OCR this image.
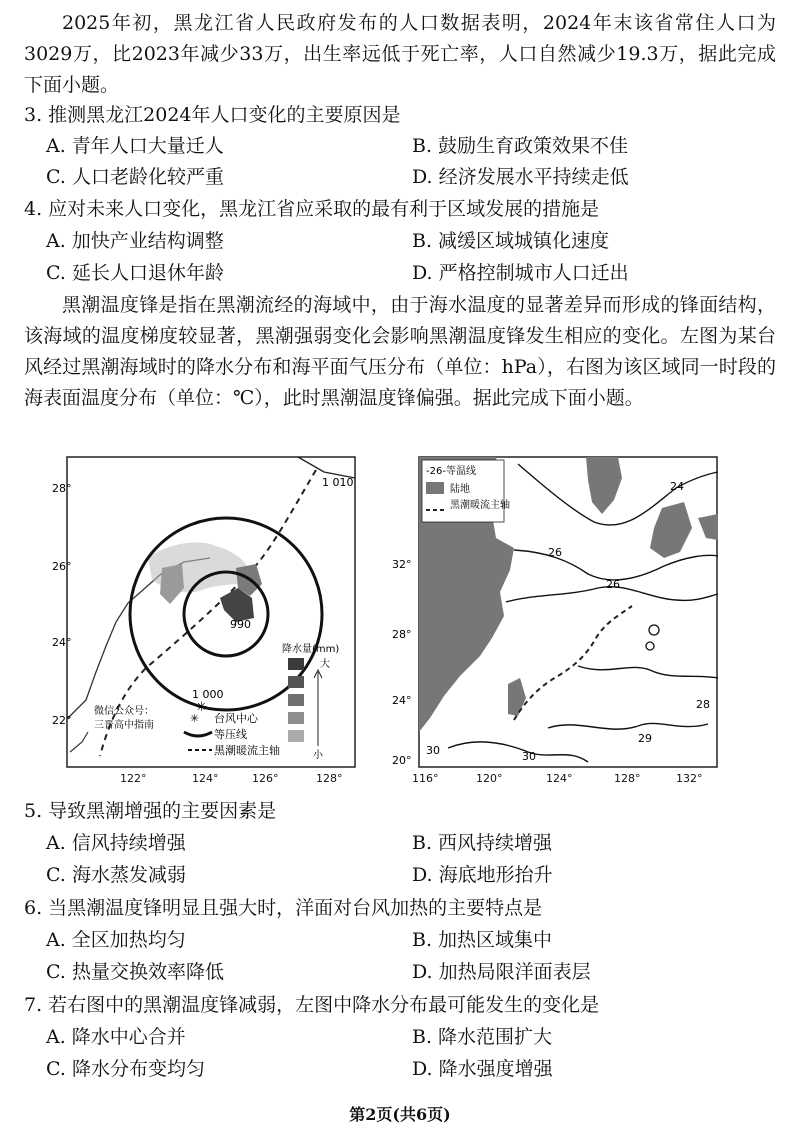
2025年初，黑龙江省人民政府发布的人口数据表明，2024年末该省常住人口为3029万，比2023年减少33万，出生率远低于死亡率，人口自然减少19.3万，据此完成下面小题。

3. 推测黑龙江2024年人口变化的主要原因是

A. 青年人口大量迁人	B. 鼓励生育政策效果不佳

C. 人口老龄化较严重	D. 经济发展水平持续走低

4. 应对未来人口变化，黑龙江省应采取的最有利于区域发展的措施是

A. 加快产业结构调整	B. 减缓区域城镇化速度

C. 延长人口退休年龄	D. 严格控制城市人口迁出

黑潮温度锋是指在黑潮流经的海域中，由于海水温度的显著差异而形成的锋面结构，该海域的温度梯度较显著，黑潮强弱变化会影响黑潮温度锋发生相应的变化。左图为某台风经过黑潮海域时的降水分布和海平面气压分布（单位：hPa），右图为该区域同一时段的海表面温度分布（单位：℃），此时黑潮温度锋偏强。据此完成下面小题。

✳
1 010
990
1 000
28°
26°
24°
22°
降水量(mm)
大
小
✳ 台风中心
等压线
黑潮暖流主轴
微信公众号：
三晋高中指南
122°	124°	126°	128°
24
26
26
28
29
30	30
32°
28°
24°
20°
-26-等温线
陆地
黑潮暖流主轴
116°	120°	124°	128°	132°

5. 导致黑潮增强的主要因素是

A. 信风持续增强	B. 西风持续增强

C. 海水蒸发减弱	D. 海底地形抬升

6. 当黑潮温度锋明显且强大时，洋面对台风加热的主要特点是

A. 全区加热均匀	B. 加热区域集中

C. 热量交换效率降低	D. 加热局限洋面表层

7. 若右图中的黑潮温度锋减弱，左图中降水分布最可能发生的变化是

A. 降水中心合并	B. 降水范围扩大

C. 降水分布变均匀	D. 降水强度增强

第2页(共6页)
